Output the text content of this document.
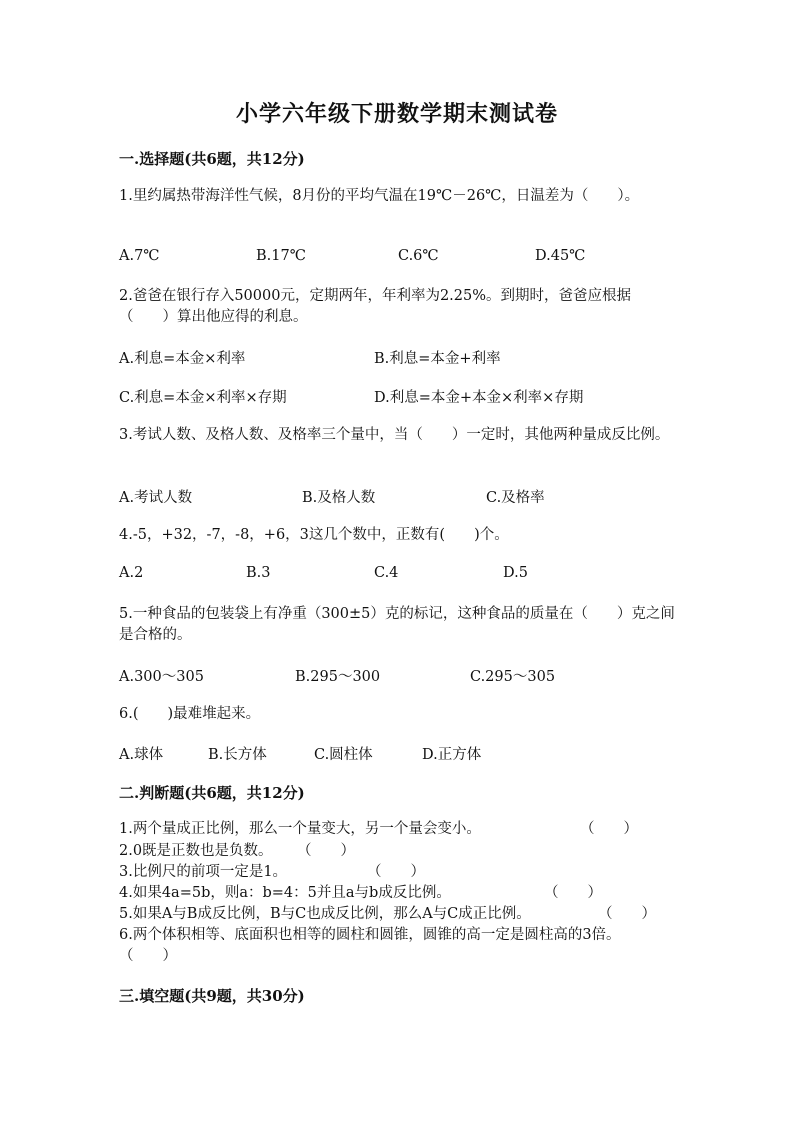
小学六年级下册数学期末测试卷
一.选择题(共6题，共12分)
1.里约属热带海洋性气候，8月份的平均气温在19℃－26℃，日温差为（　　）。
A.7℃	B.17℃	C.6℃	D.45℃
2.爸爸在银行存入50000元，定期两年，年利率为2.25%。到期时，爸爸应根据（　　）算出他应得的利息。
A.利息=本金×利率	B.利息=本金+利率
C.利息=本金×利率×存期	D.利息=本金+本金×利率×存期
3.考试人数、及格人数、及格率三个量中，当（　　）一定时，其他两种量成反比例。
A.考试人数	B.及格人数	C.及格率
4.-5，+32，-7，-8，+6，3这几个数中，正数有(　　)个。
A.2	B.3	C.4	D.5
5.一种食品的包装袋上有净重（300±5）克的标记，这种食品的质量在（　　）克之间是合格的。
A.300～305	B.295～300	C.295～305
6.(　　)最难堆起来。
A.球体	B.长方体	C.圆柱体	D.正方体
二.判断题(共6题，共12分)
1.两个量成正比例，那么一个量变大，另一个量会变小。	（　　）
2.0既是正数也是负数。 （　　）
3.比例尺的前项一定是1。	（　　）
4.如果4a=5b，则a：b=4：5并且a与b成反比例。	（　　）
5.如果A与B成反比例，B与C也成反比例，那么A与C成正比例。	（　　）
6.两个体积相等、底面积也相等的圆柱和圆锥，圆锥的高一定是圆柱高的3倍。（　　）
三.填空题(共9题，共30分)
